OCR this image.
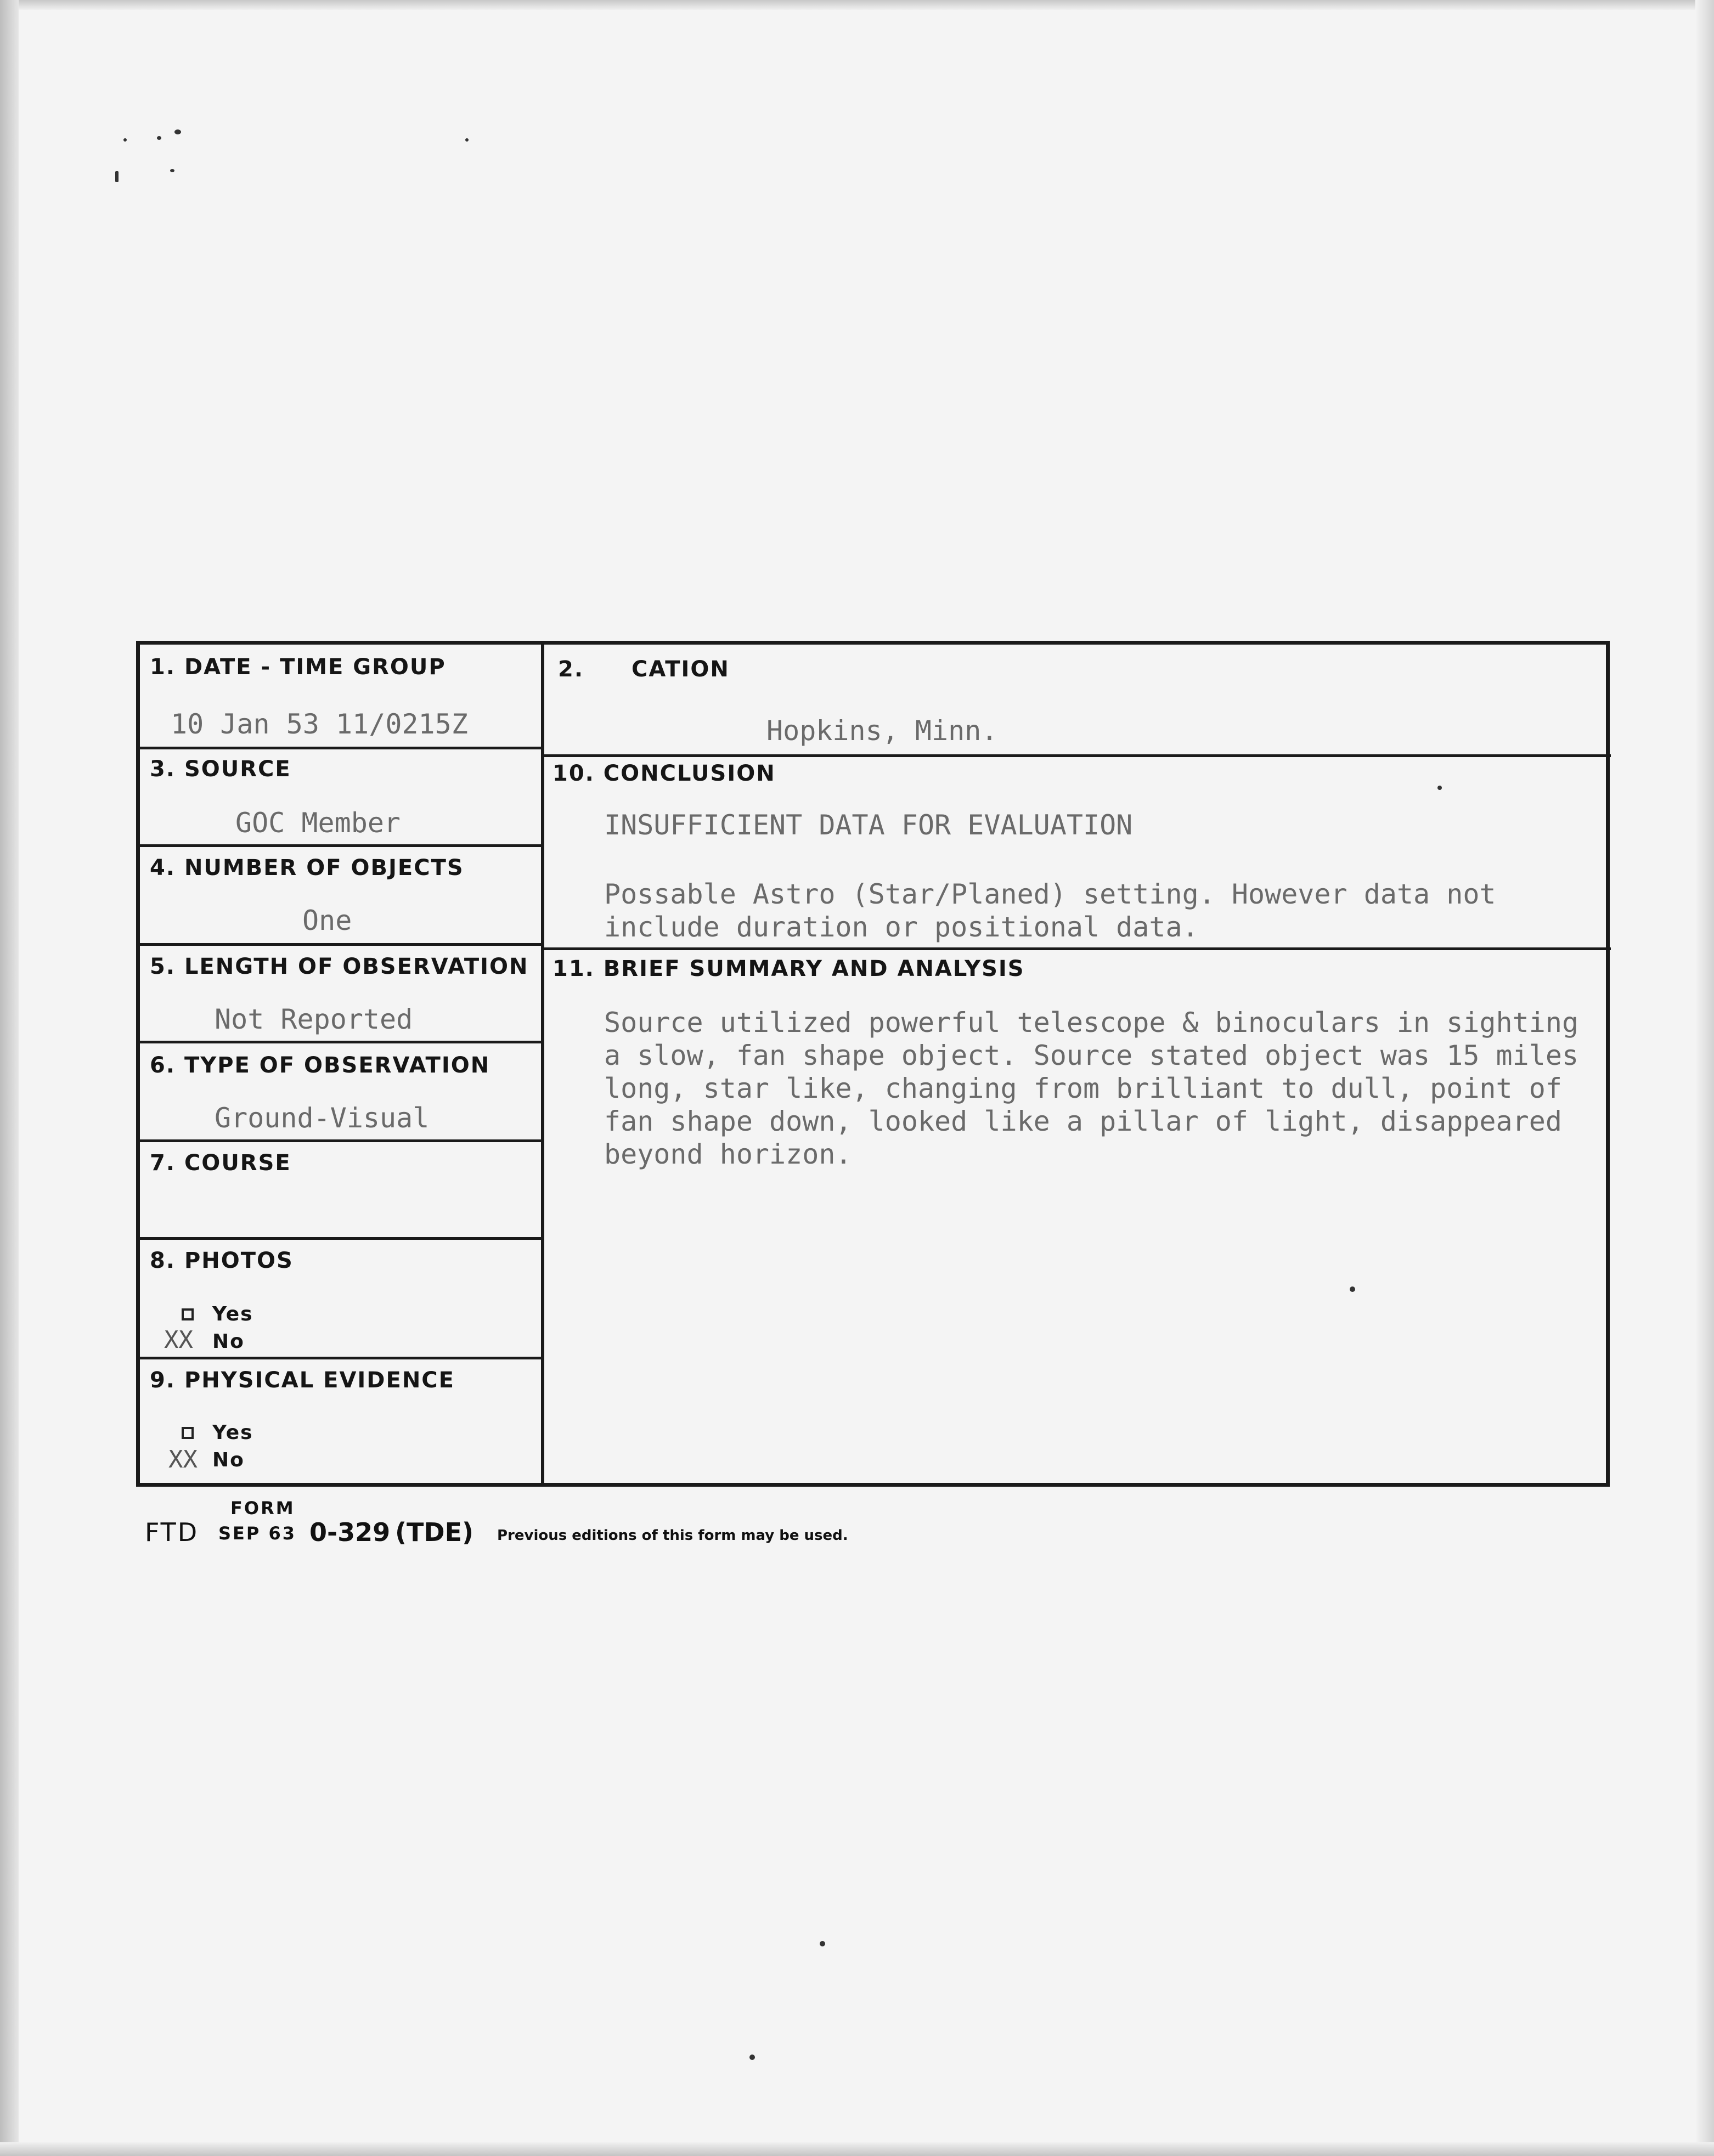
1. DATE - TIME GROUP
10 Jan 53 11/0215Z
2. CATION
Hopkins, Minn.
3. SOURCE
GOC Member
4. NUMBER OF OBJECTS
One
5. LENGTH OF OBSERVATION
Not Reported
6. TYPE OF OBSERVATION
Ground-Visual
7. COURSE
8. PHOTOS
Yes
XX No
9. PHYSICAL EVIDENCE
Yes
XX No
10. CONCLUSION
INSUFFICIENT DATA FOR EVALUATION
Possable Astro (Star/Planed) setting. However data not
include duration or positional data.
11. BRIEF SUMMARY AND ANALYSIS
Source utilized powerful telescope & binoculars in sighting
a slow, fan shape object. Source stated object was 15 miles
long, star like, changing from brilliant to dull, point of
fan shape down, looked like a pillar of light, disappeared
beyond horizon.
FORM
FTD SEP 63 0-329 (TDE) Previous editions of this form may be used.
